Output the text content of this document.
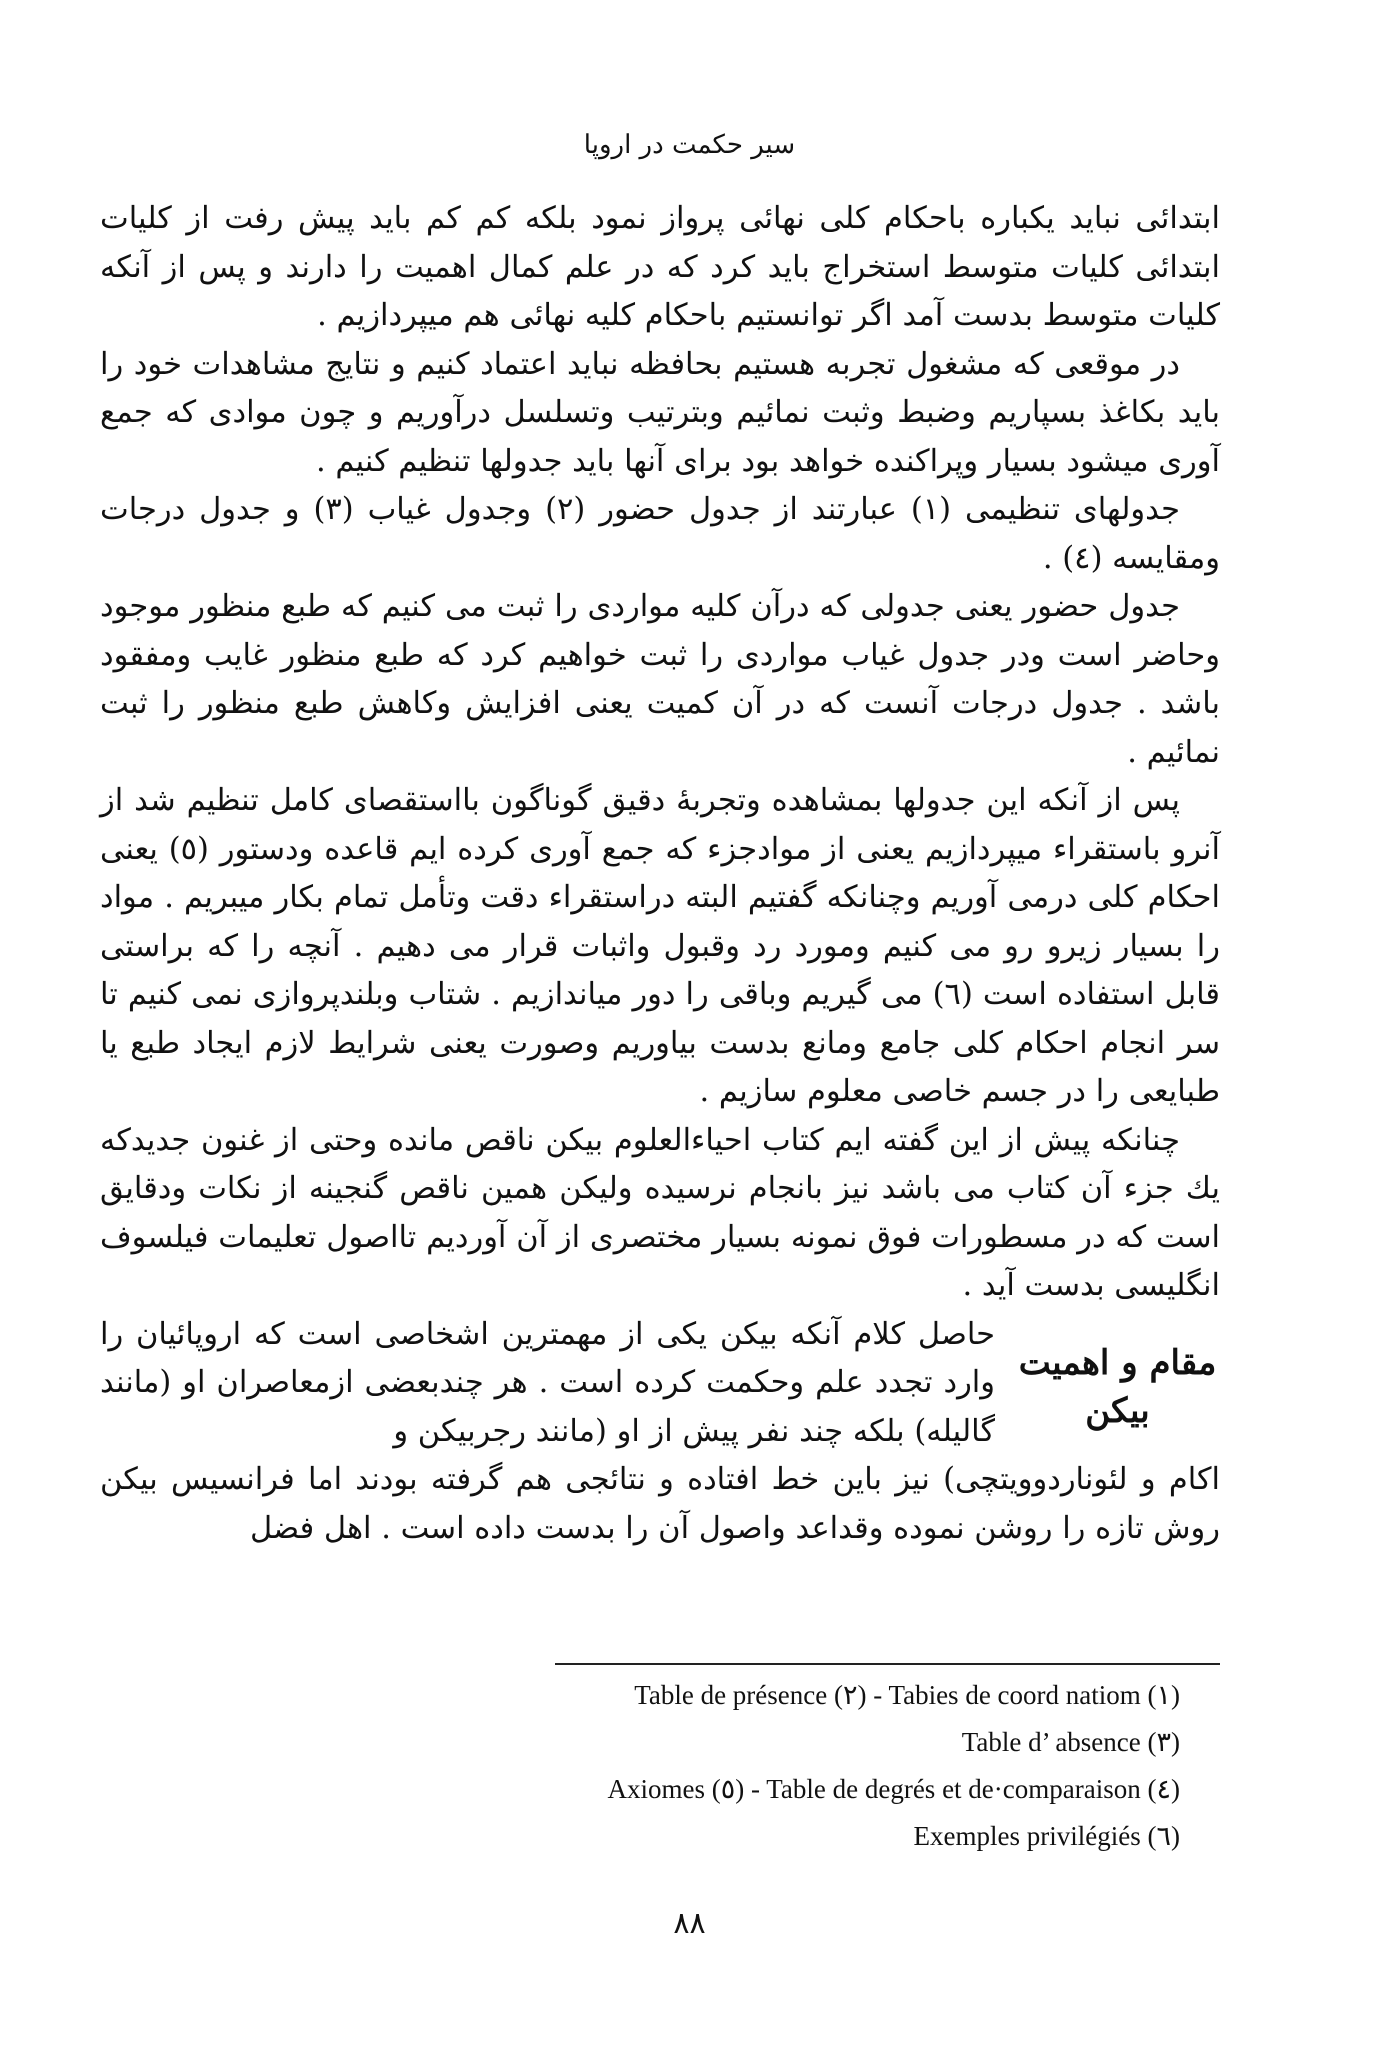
سیر حکمت در اروپا

ابتدائی نباید یکباره باحکام کلی نهائی پرواز نمود بلکه کم کم باید پیش رفت از کلیات ابتدائی کلیات متوسط استخراج باید کرد که در علم کمال اهمیت را دارند و پس از آنکه کلیات متوسط بدست آمد اگر توانستیم باحکام کلیه نهائی هم میپردازیم .

در موقعی که مشغول تجربه هستیم بحافظه نباید اعتماد کنیم و نتایج مشاهدات خود را باید بکاغذ بسپاریم وضبط وثبت نمائیم وبترتیب وتسلسل درآوریم و چون موادی که جمع آوری میشود بسیار وپراکنده خواهد بود برای آنها باید جدولها تنظیم کنیم .

جدولهای تنظیمی (۱) عبارتند از جدول حضور (۲) وجدول غیاب (۳) و جدول درجات ومقایسه (٤) .

جدول حضور یعنی جدولی که درآن کلیه مواردی را ثبت می کنیم که طبع منظور موجود وحاضر است ودر جدول غیاب مواردی را ثبت خواهیم کرد که طبع منظور غایب ومفقود باشد . جدول درجات آنست که در آن کمیت یعنی افزایش وکاهش طبع منظور را ثبت نمائیم .

پس از آنکه این جدولها بمشاهده وتجربهٔ دقیق گوناگون بااستقصای کامل تنظیم شد از آنرو باستقراء میپردازیم یعنی از موادجزء که جمع آوری کرده ایم قاعده ودستور (٥) یعنی احکام کلی درمی آوریم وچنانکه گفتیم البته دراستقراء دقت وتأمل تمام بکار میبریم . مواد را بسیار زیرو رو می کنیم ومورد رد وقبول واثبات قرار می دهیم . آنچه را که براستی قابل استفاده است (٦) می گیریم وباقی را دور میاندازیم . شتاب وبلندپروازی نمی کنیم تا سر انجام احکام کلی جامع ومانع بدست بیاوریم وصورت یعنی شرایط لازم ایجاد طبع یا طبایعی را در جسم خاصی معلوم سازیم .

چنانکه پیش از این گفته ایم کتاب احیاءالعلوم بیکن ناقص مانده وحتی از غنون جدیدکه یك جزء آن کتاب می باشد نیز بانجام نرسیده ولیکن همین ناقص گنجینه از نکات ودقایق است که در مسطورات فوق نمونه بسیار مختصری از آن آوردیم تااصول تعلیمات فیلسوف انگلیسی بدست آید .

مقام و اهمیت
بیکن
حاصل کلام آنکه بیکن یکی از مهمترین اشخاصی است که اروپائیان را وارد تجدد علم وحکمت کرده است . هر چندبعضی ازمعاصران او (مانند گالیله) بلکه چند نفر پیش از او (مانند رجربیکن و

اکام و لئوناردوویتچی) نیز باین خط افتاده و نتائجی هم گرفته بودند اما فرانسیس بیکن روش تازه را روشن نموده وقداعد واصول آن را بدست داده است . اهل فضل

Table de présence (۲) - Tabies de coord natiom (۱)
Table d’ absence (۳)
Axiomes (٥) - Table de degrés et de·comparaison (٤)
Exemples privilégiés (٦)
۸۸
